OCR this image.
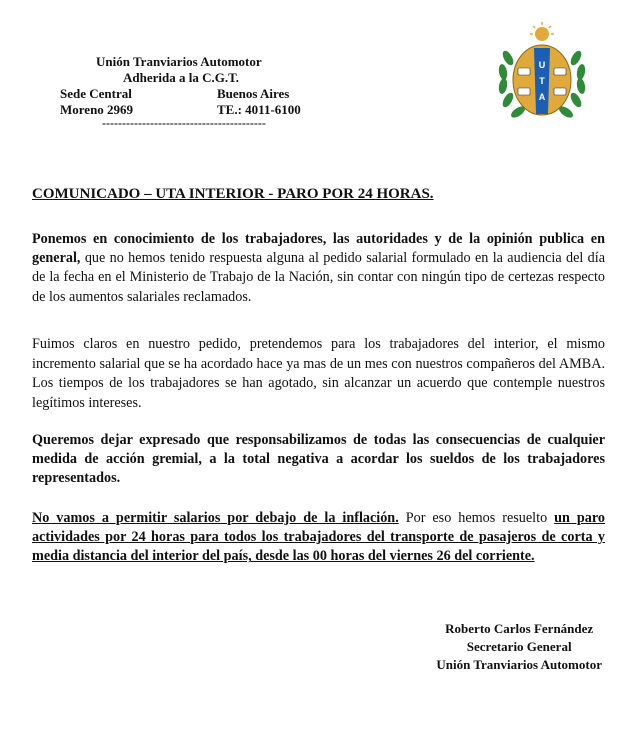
Unión Tranviarios Automotor
Adherida a la C.G.T.
Sede Central	Buenos Aires
Moreno 2969	TE.: 4011-6100
-----------------------------------------
U
T
A
COMUNICADO – UTA INTERIOR - PARO POR 24 HORAS.
Ponemos en conocimiento de los trabajadores, las autoridades y de la opinión publica en general, que no hemos tenido respuesta alguna al pedido salarial formulado en la audiencia del día de la fecha en el Ministerio de Trabajo de la Nación, sin contar con ningún tipo de certezas respecto de los aumentos salariales reclamados.
Fuimos claros en nuestro pedido, pretendemos para los trabajadores del interior, el mismo incremento salarial que se ha acordado hace ya mas de un mes con nuestros compañeros del AMBA. Los tiempos de los trabajadores se han agotado, sin alcanzar un acuerdo que contemple nuestros legítimos intereses.
Queremos dejar expresado que responsabilizamos de todas las consecuencias de cualquier medida de acción gremial, a la total negativa a acordar los sueldos de los trabajadores representados.
No vamos a permitir salarios por debajo de la inflación. Por eso hemos resuelto un paro actividades por 24 horas para todos los trabajadores del transporte de pasajeros de corta y media distancia del interior del país, desde las 00 horas del viernes 26 del corriente.
Roberto Carlos Fernández
Secretario General
Unión Tranviarios Automotor
